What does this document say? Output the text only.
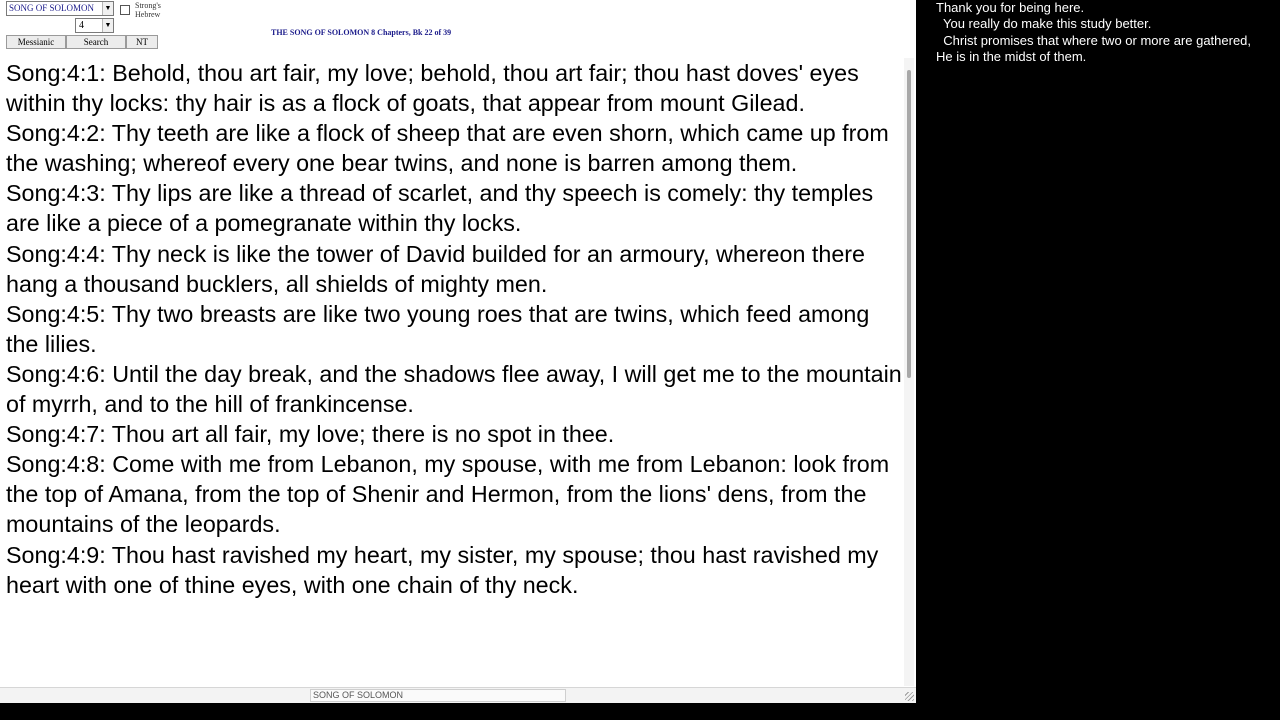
SONG OF SOLOMON	▼	Strong's
Hebrew
4	▼
Messianic	Search	NT
THE SONG OF SOLOMON 8 Chapters, Bk 22 of 39
Song:4:1: Behold, thou art fair, my love; behold, thou art fair; thou hast doves' eyes within thy locks: thy hair is as a flock of goats, that appear from mount Gilead.
Song:4:2: Thy teeth are like a flock of sheep that are even shorn, which came up from the washing; whereof every one bear twins, and none is barren among them.
Song:4:3: Thy lips are like a thread of scarlet, and thy speech is comely: thy temples are like a piece of a pomegranate within thy locks.
Song:4:4: Thy neck is like the tower of David builded for an armoury, whereon there hang a thousand bucklers, all shields of mighty men.
Song:4:5: Thy two breasts are like two young roes that are twins, which feed among the lilies.
Song:4:6: Until the day break, and the shadows flee away, I will get me to the mountain of myrrh, and to the hill of frankincense.
Song:4:7: Thou art all fair, my love; there is no spot in thee.
Song:4:8: Come with me from Lebanon, my spouse, with me from Lebanon: look from the top of Amana, from the top of Shenir and Hermon, from the lions' dens, from the mountains of the leopards.
Song:4:9: Thou hast ravished my heart, my sister, my spouse; thou hast ravished my heart with one of thine eyes, with one chain of thy neck.
SONG OF SOLOMON
Thank you for being here.
You really do make this study better.
Christ promises that where two or more are gathered,
He is in the midst of them.
